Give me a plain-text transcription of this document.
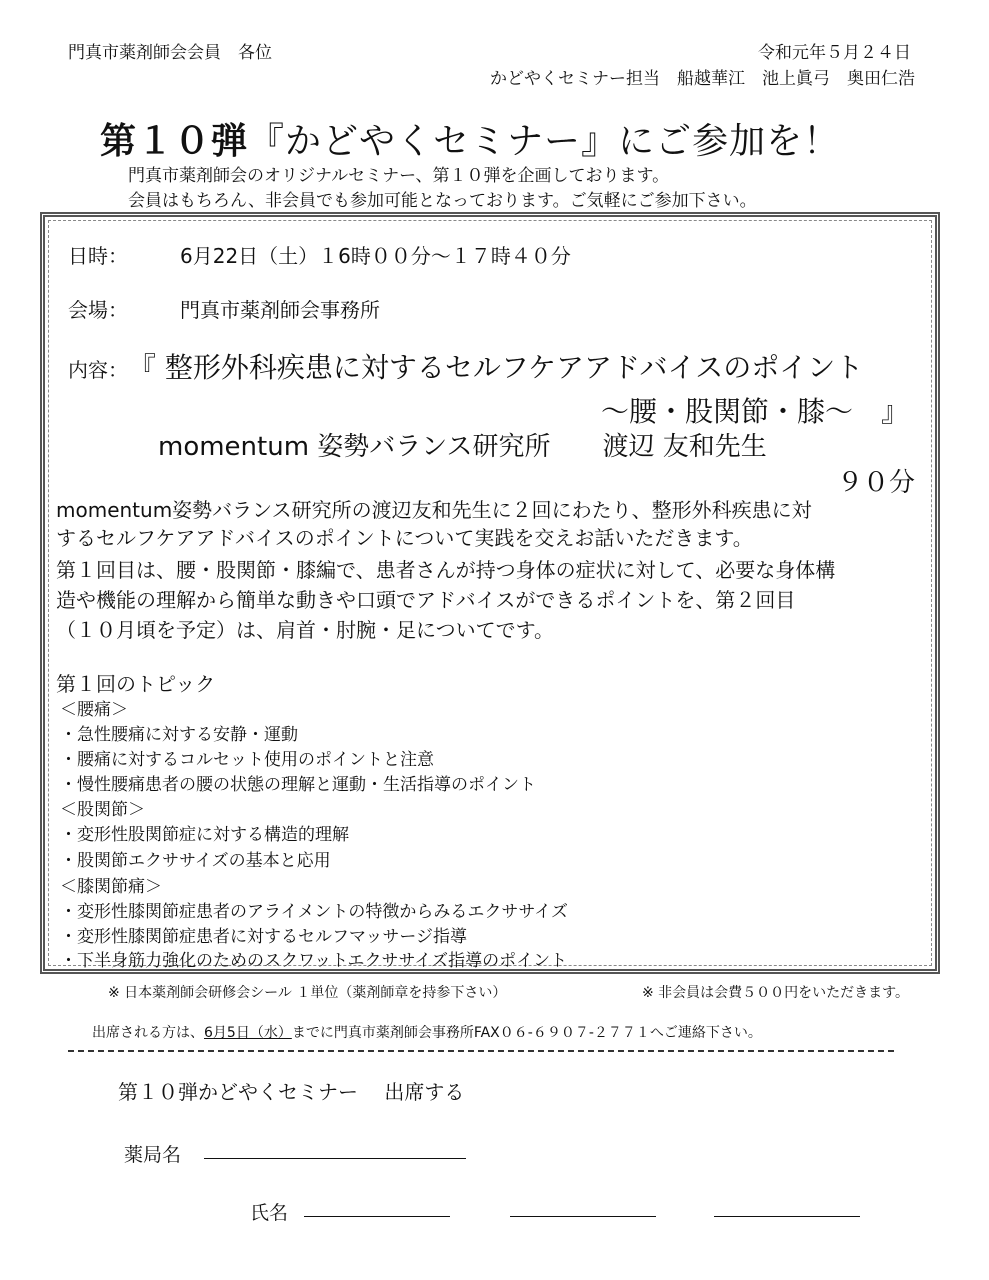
門真市薬剤師会会員　各位	令和元年５月２４日
かどやくセミナー担当　船越華江　池上眞弓　奥田仁浩
第１０弾『かどやくセミナー』にご参加を！
門真市薬剤師会のオリジナルセミナー、第１０弾を企画しております。
会員はもちろん、非会員でも参加可能となっております。ご気軽にご参加下さい。
日時：	6月22日（土）１6時００分～１７時４０分
会場：	門真市薬剤師会事務所
内容： 『 整形外科疾患に対するセルフケアアドバイスのポイント
～腰・股関節・膝～　』
momentum 姿勢バランス研究所　　渡辺 友和先生
９０分
momentum姿勢バランス研究所の渡辺友和先生に２回にわたり、整形外科疾患に対
するセルフケアアドバイスのポイントについて実践を交えお話いただきます。
第１回目は、腰・股関節・膝編で、患者さんが持つ身体の症状に対して、必要な身体構
造や機能の理解から簡単な動きや口頭でアドバイスができるポイントを、第２回目
（１０月頃を予定）は、肩首・肘腕・足についてです。
第１回のトピック
＜腰痛＞
・急性腰痛に対する安静・運動
・腰痛に対するコルセット使用のポイントと注意
・慢性腰痛患者の腰の状態の理解と運動・生活指導のポイント
＜股関節＞
・変形性股関節症に対する構造的理解
・股関節エクササイズの基本と応用
＜膝関節痛＞
・変形性膝関節症患者のアライメントの特徴からみるエクササイズ
・変形性膝関節症患者に対するセルフマッサージ指導
・下半身筋力強化のためのスクワットエクササイズ指導のポイント
※ 日本薬剤師会研修会シール １単位（薬剤師章を持参下さい）	※ 非会員は会費５００円をいただきます。
出席される方は、6月5日（水）までに門真市薬剤師会事務所FAX０６-６９０７-２７７１へご連絡下さい。
第１０弾かどやくセミナー　 出席する
薬局名
氏名
